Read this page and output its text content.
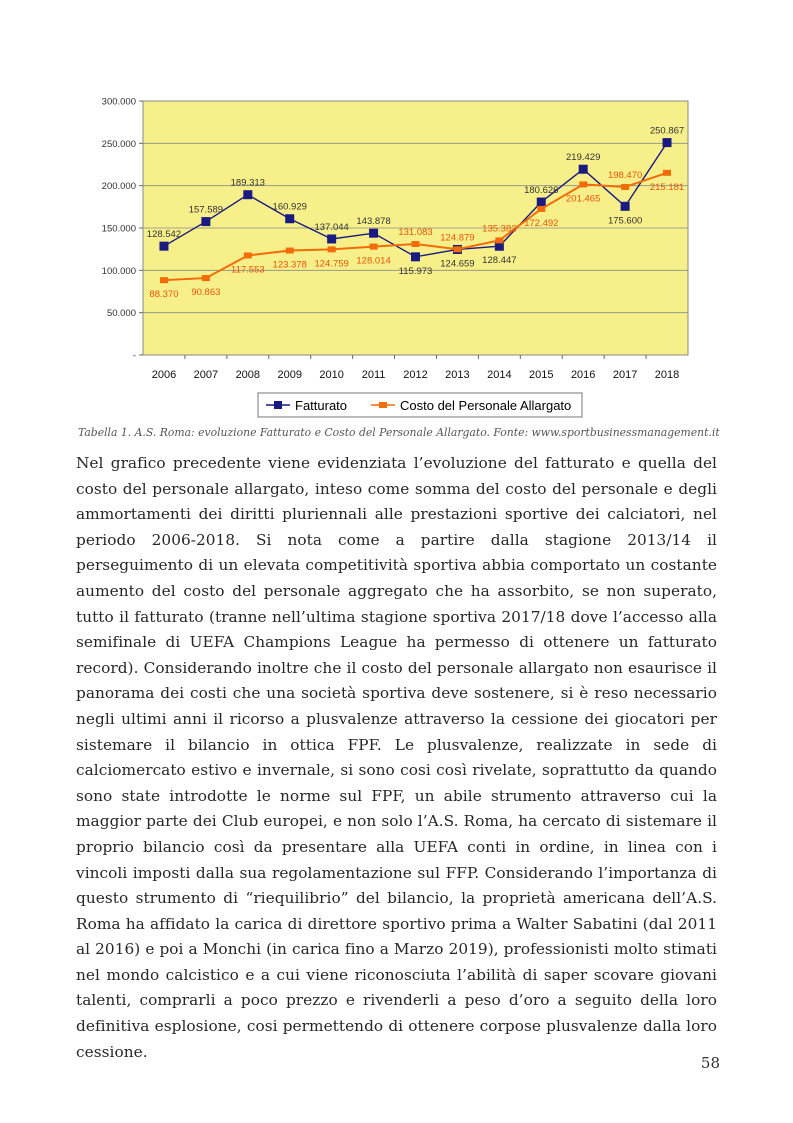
-
50.000
100.000
150.000
200.000
250.000
300.000
2006 2007 2008 2009 2010 2011 2012 2013 2014 2015 2016 2017 2018
128.542
157.589
189.313
160.929
137.044
143.878
115.973
124.659 128.447
180.626
219.429
175.600
250.867
88.370 90.863
117.553 123.378 124.759 128.014
131.083 124.879
135.382 172.492
201.465
198.470
215.181
Fatturato	Costo del Personale Allargato
Tabella 1. A.S. Roma: evoluzione Fatturato e Costo del Personale Allargato. Fonte: www.sportbusinessmanagement.it

Nel grafico precedente viene evidenziata l’evoluzione del fatturato e quella del costo del personale allargato, inteso come somma del costo del personale e degli ammortamenti dei diritti pluriennali alle prestazioni sportive dei calciatori, nel periodo 2006-2018. Si nota come a partire dalla stagione 2013/14 il perseguimento di un elevata competitività sportiva abbia comportato un costante aumento del costo del personale aggregato che ha assorbito, se non superato, tutto il fatturato (tranne nell’ultima stagione sportiva 2017/18 dove l’accesso alla semifinale di UEFA Champions League ha permesso di ottenere un fatturato record). Considerando inoltre che il costo del personale allargato non esaurisce il panorama dei costi che una società sportiva deve sostenere, si è reso necessario negli ultimi anni il ricorso a plusvalenze attraverso la cessione dei giocatori per sistemare il bilancio in ottica FPF. Le plusvalenze, realizzate in sede di calciomercato estivo e invernale, si sono cosi così rivelate, soprattutto da quando sono state introdotte le norme sul FPF, un abile strumento attraverso cui la maggior parte dei Club europei, e non solo l’A.S. Roma, ha cercato di sistemare il proprio bilancio così da presentare alla UEFA conti in ordine, in linea con i vincoli imposti dalla sua regolamentazione sul FFP. Considerando l’importanza di questo strumento di “riequilibrio” del bilancio, la proprietà americana dell’A.S. Roma ha affidato la carica di direttore sportivo prima a Walter Sabatini (dal 2011 al 2016) e poi a Monchi (in carica fino a Marzo 2019), professionisti molto stimati nel mondo calcistico e a cui viene riconosciuta l’abilità di saper scovare giovani talenti, comprarli a poco prezzo e rivenderli a peso d’oro a seguito della loro definitiva esplosione, cosi permettendo di ottenere corpose plusvalenze dalla loro cessione.

58
